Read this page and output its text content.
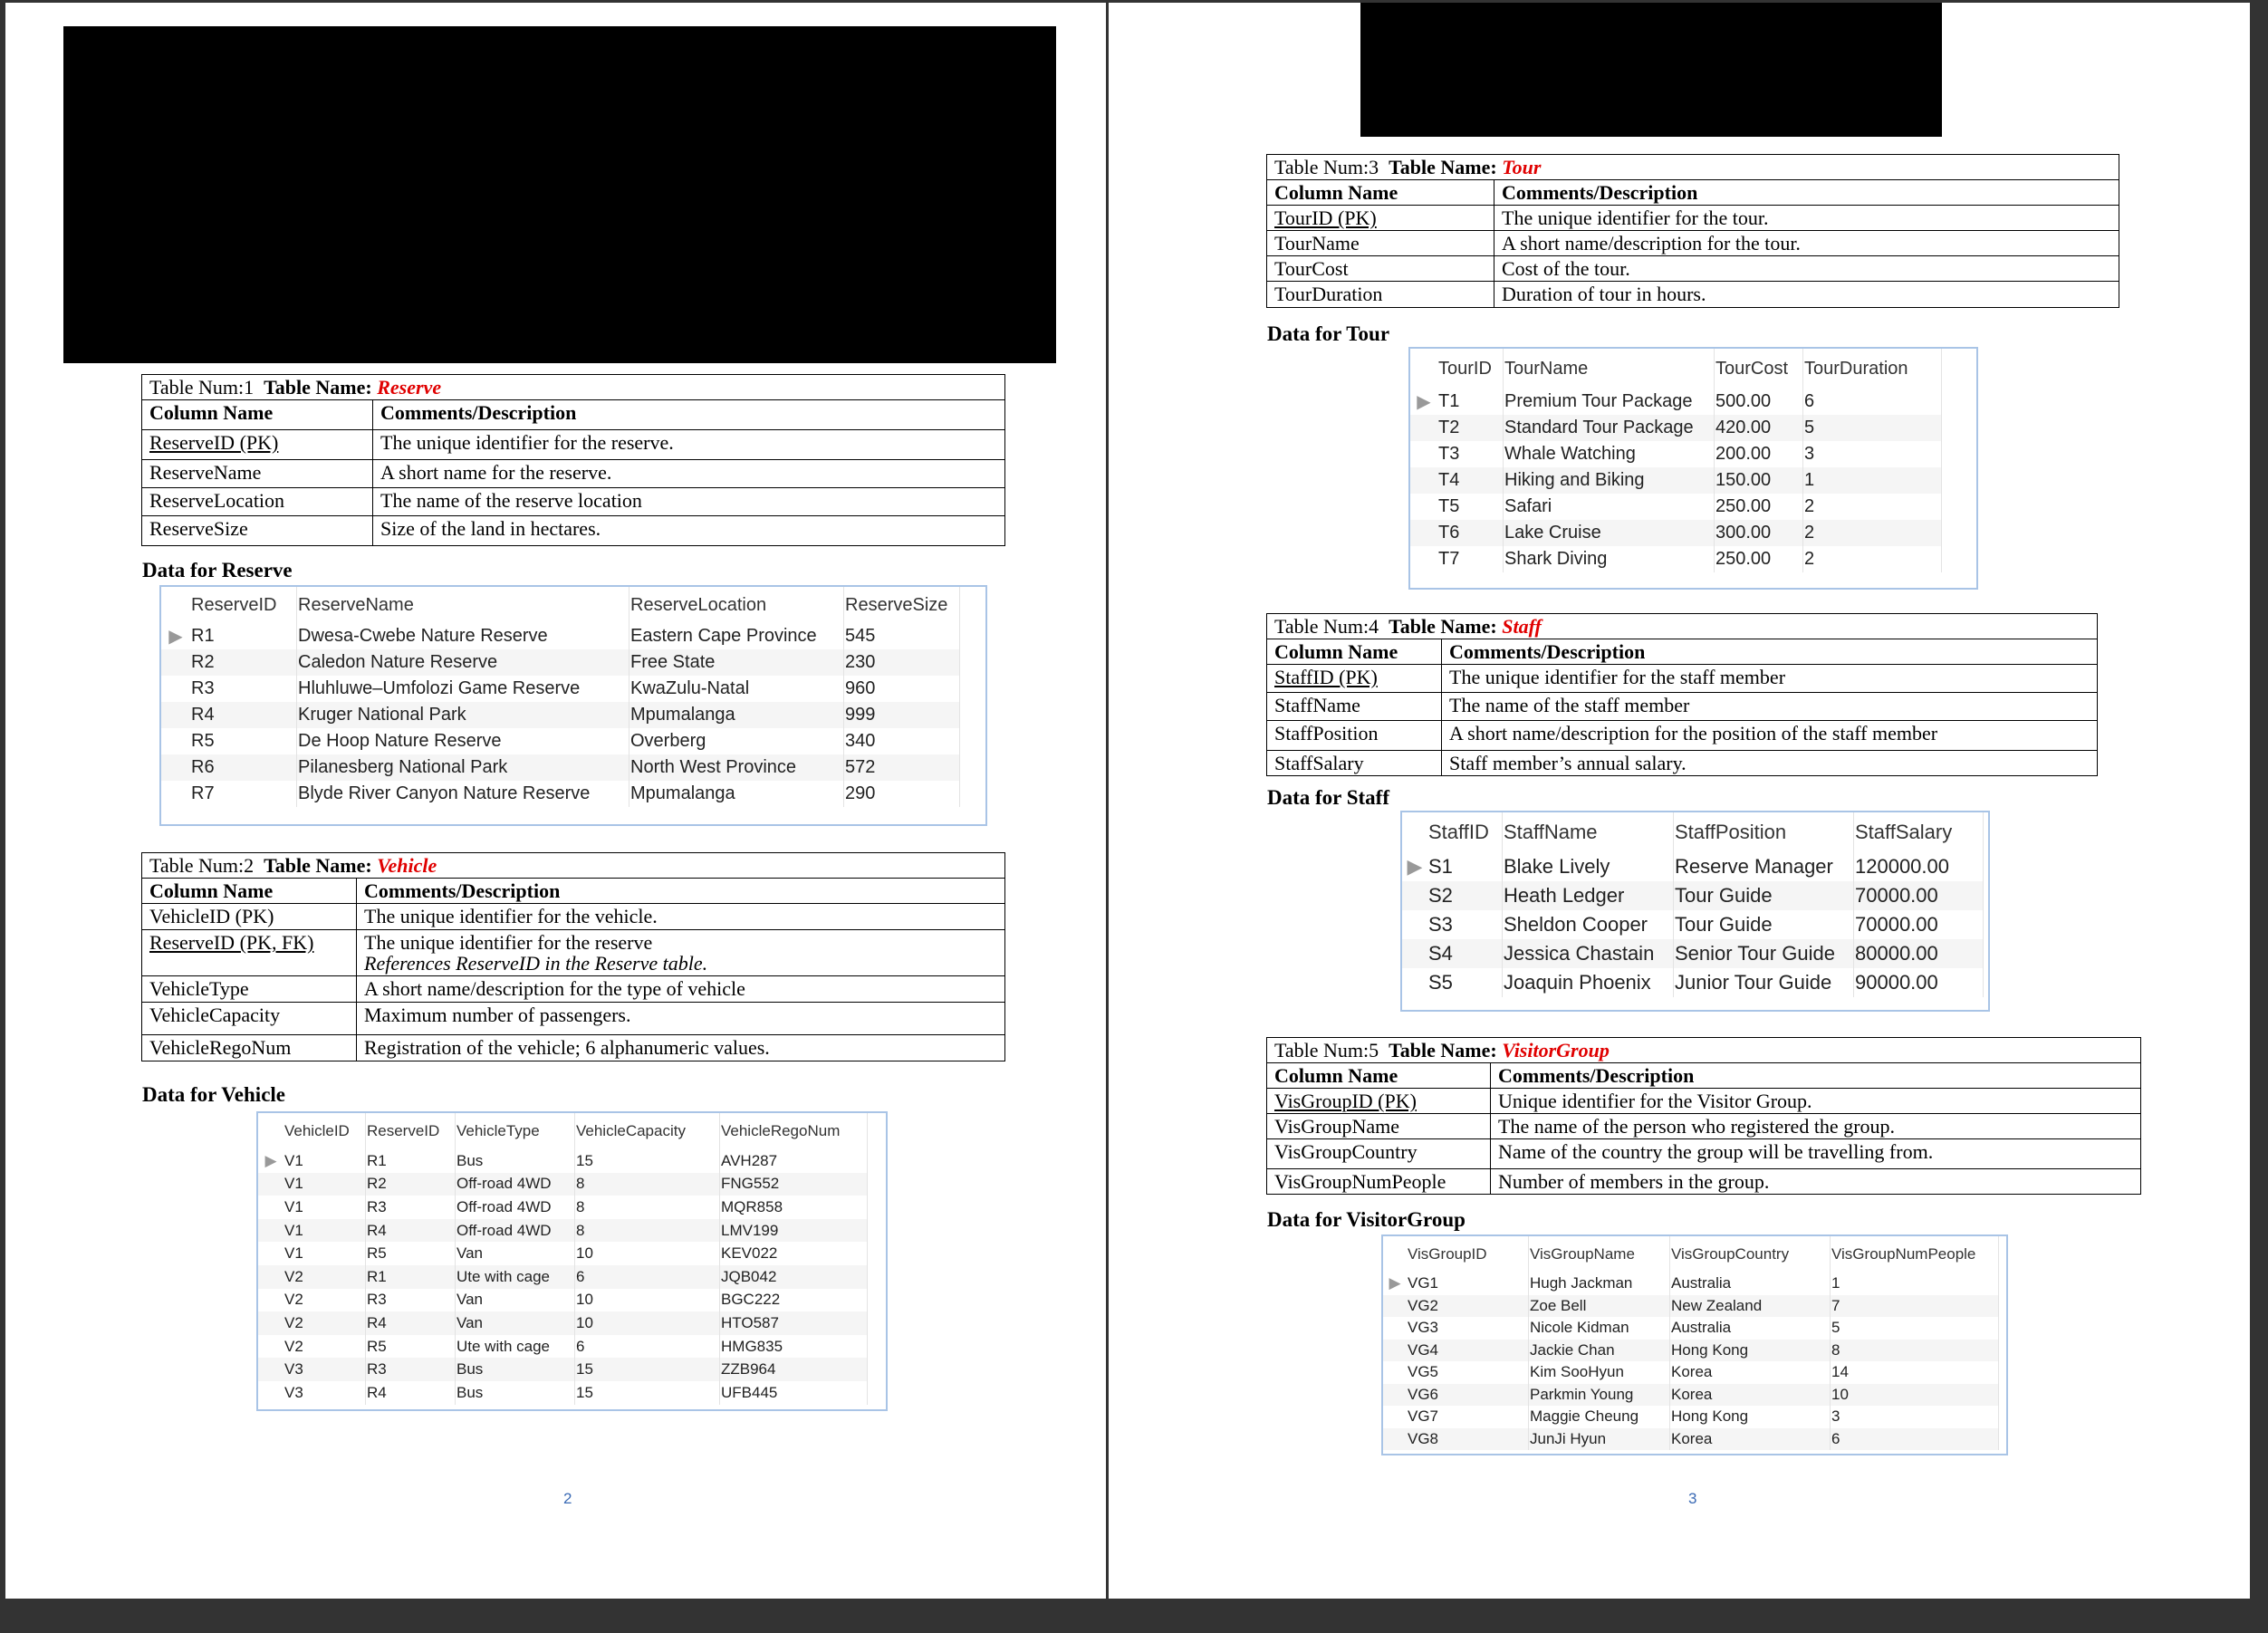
Table Num:1 Table Name: Reserve	
Column Name	Comments/Description
ReserveID (PK)	The unique identifier for the reserve.
ReserveName	A short name for the reserve.
ReserveLocation	The name of the reserve location
ReserveSize	Size of the land in hectares.
Data for Reserve
	ReserveID	ReserveName	ReserveLocation	ReserveSize
▶	R1	Dwesa-Cwebe Nature Reserve	Eastern Cape Province	545
	R2	Caledon Nature Reserve	Free State	230
	R3	Hluhluwe–Umfolozi Game Reserve	KwaZulu-Natal	960
	R4	Kruger National Park	Mpumalanga	999
	R5	De Hoop Nature Reserve	Overberg	340
	R6	Pilanesberg National Park	North West Province	572
	R7	Blyde River Canyon Nature Reserve	Mpumalanga	290
Table Num:2 Table Name: Vehicle	
Column Name	Comments/Description
VehicleID (PK)	The unique identifier for the vehicle.
ReserveID (PK, FK)	The unique identifier for the reserve
References ReserveID in the Reserve table.

VehicleType	A short name/description for the type of vehicle
VehicleCapacity	Maximum number of passengers.
VehicleRegoNum	Registration of the vehicle; 6 alphanumeric values.
Data for Vehicle
	VehicleID	ReserveID	VehicleType	VehicleCapacity	VehicleRegoNum
▶	V1	R1	Bus	15	AVH287
	V1	R2	Off-road 4WD	8	FNG552
	V1	R3	Off-road 4WD	8	MQR858
	V1	R4	Off-road 4WD	8	LMV199
	V1	R5	Van	10	KEV022
	V2	R1	Ute with cage	6	JQB042
	V2	R3	Van	10	BGC222
	V2	R4	Van	10	HTO587
	V2	R5	Ute with cage	6	HMG835
	V3	R3	Bus	15	ZZB964
	V3	R4	Bus	15	UFB445
2
Table Num:3 Table Name: Tour	
Column Name	Comments/Description
TourID (PK)	The unique identifier for the tour.
TourName	A short name/description for the tour.
TourCost	Cost of the tour.
TourDuration	Duration of tour in hours.
Data for Tour
	TourID	TourName	TourCost	TourDuration
▶	T1	Premium Tour Package	500.00	6
	T2	Standard Tour Package	420.00	5
	T3	Whale Watching	200.00	3
	T4	Hiking and Biking	150.00	1
	T5	Safari	250.00	2
	T6	Lake Cruise	300.00	2
	T7	Shark Diving	250.00	2
Table Num:4 Table Name: Staff	
Column Name	Comments/Description
StaffID (PK)	The unique identifier for the staff member
StaffName	The name of the staff member
StaffPosition	A short name/description for the position of the staff member
StaffSalary	Staff member’s annual salary.
Data for Staff
	StaffID	StaffName	StaffPosition	StaffSalary
▶	S1	Blake Lively	Reserve Manager	120000.00
	S2	Heath Ledger	Tour Guide	70000.00
	S3	Sheldon Cooper	Tour Guide	70000.00
	S4	Jessica Chastain	Senior Tour Guide	80000.00
	S5	Joaquin Phoenix	Junior Tour Guide	90000.00
Table Num:5 Table Name: VisitorGroup	
Column Name	Comments/Description
VisGroupID (PK)	Unique identifier for the Visitor Group.
VisGroupName	The name of the person who registered the group.
VisGroupCountry	Name of the country the group will be travelling from.
VisGroupNumPeople	Number of members in the group.
Data for VisitorGroup
	VisGroupID	VisGroupName	VisGroupCountry	VisGroupNumPeople
▶	VG1	Hugh Jackman	Australia	1
	VG2	Zoe Bell	New Zealand	7
	VG3	Nicole Kidman	Australia	5
	VG4	Jackie Chan	Hong Kong	8
	VG5	Kim SooHyun	Korea	14
	VG6	Parkmin Young	Korea	10
	VG7	Maggie Cheung	Hong Kong	3
	VG8	JunJi Hyun	Korea	6
3
